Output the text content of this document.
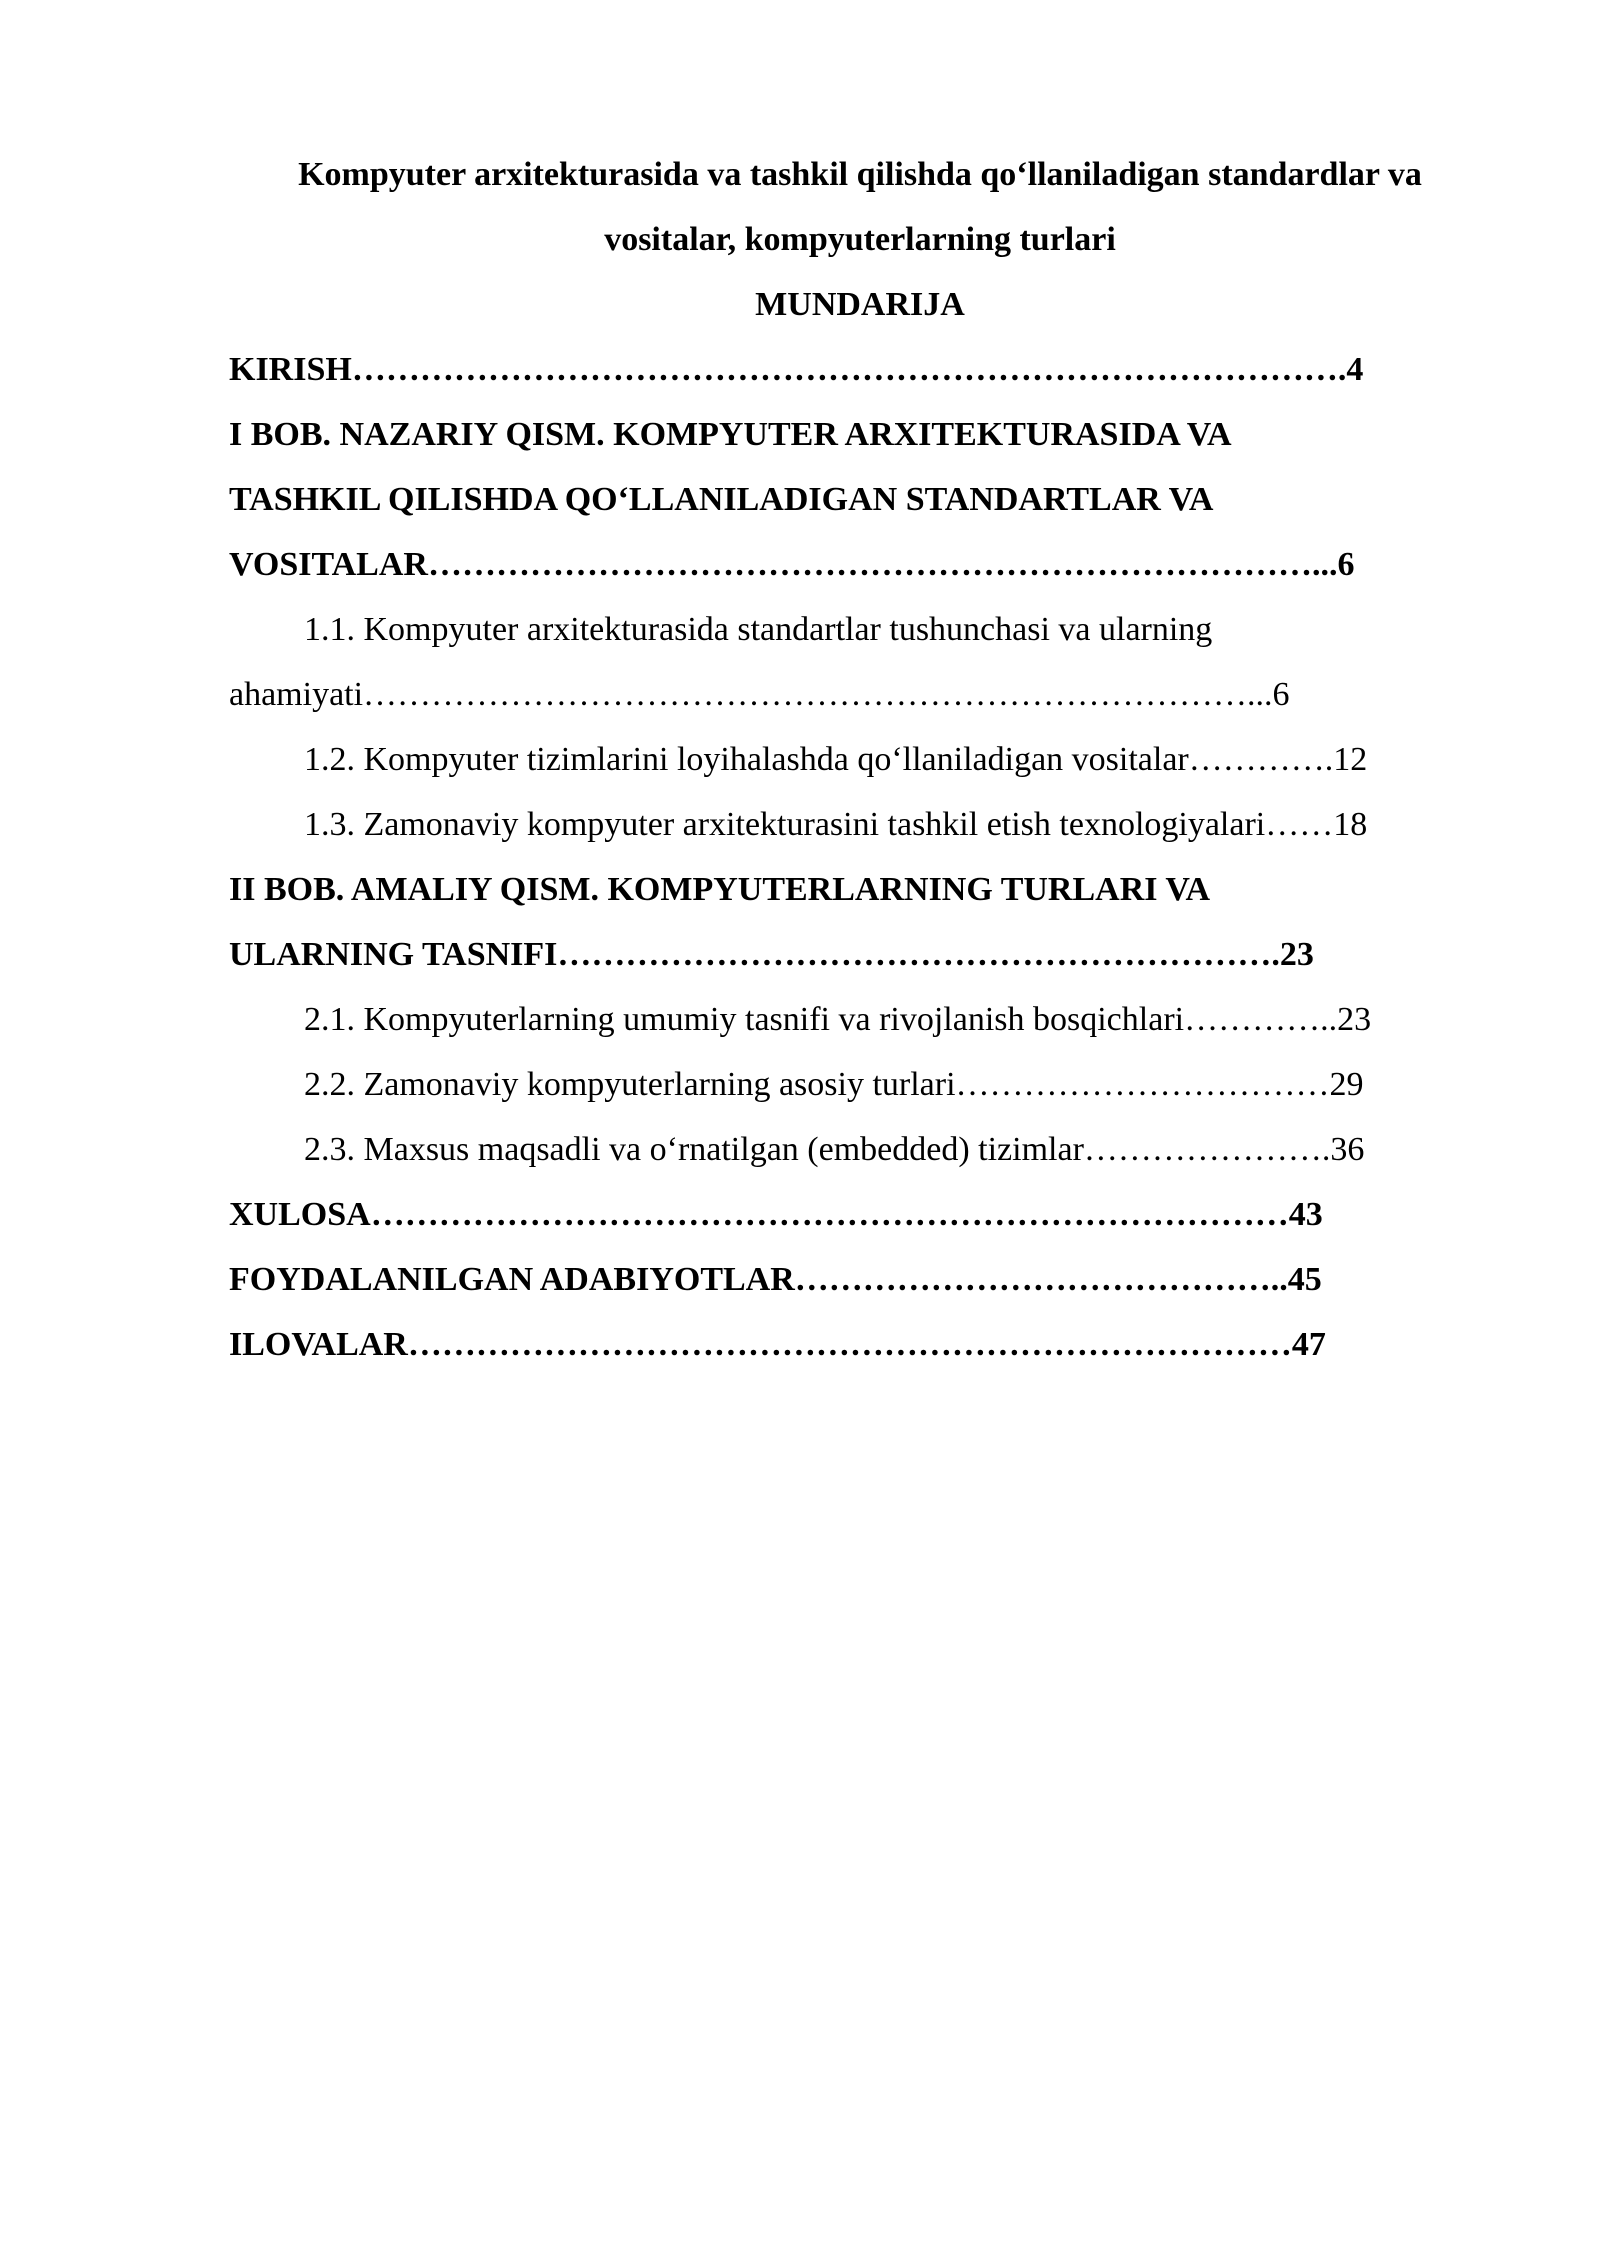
Kompyuter arxitekturasida va tashkil qilishda qo‘llaniladigan standardlar va
vositalar, kompyuterlarning turlari
MUNDARIJA
KIRISH…………………………………………………………………………….4
I BOB. NAZARIY QISM. KOMPYUTER ARXITEKTURASIDA VA
TASHKIL QILISHDA QO‘LLANILADIGAN STANDARTLAR VA
VOSITALAR……………………………………………………………………...6
1.1. Kompyuter arxitekturasida standartlar tushunchasi va ularning
ahamiyati……………………………………………………………………...6
1.2. Kompyuter tizimlarini loyihalashda qo‘llaniladigan vositalar………….12
1.3. Zamonaviy kompyuter arxitekturasini tashkil etish texnologiyalari……18
II BOB. AMALIY QISM. KOMPYUTERLARNING TURLARI VA
ULARNING TASNIFI……………………………………………………….23
2.1. Kompyuterlarning umumiy tasnifi va rivojlanish bosqichlari…………..23
2.2. Zamonaviy kompyuterlarning asosiy turlari……………………………29
2.3. Maxsus maqsadli va o‘rnatilgan (embedded) tizimlar………………….36
XULOSA………………………………………………………………………43
FOYDALANILGAN ADABIYOTLAR……………………………………..45
ILOVALAR……………………………………………………………………47
